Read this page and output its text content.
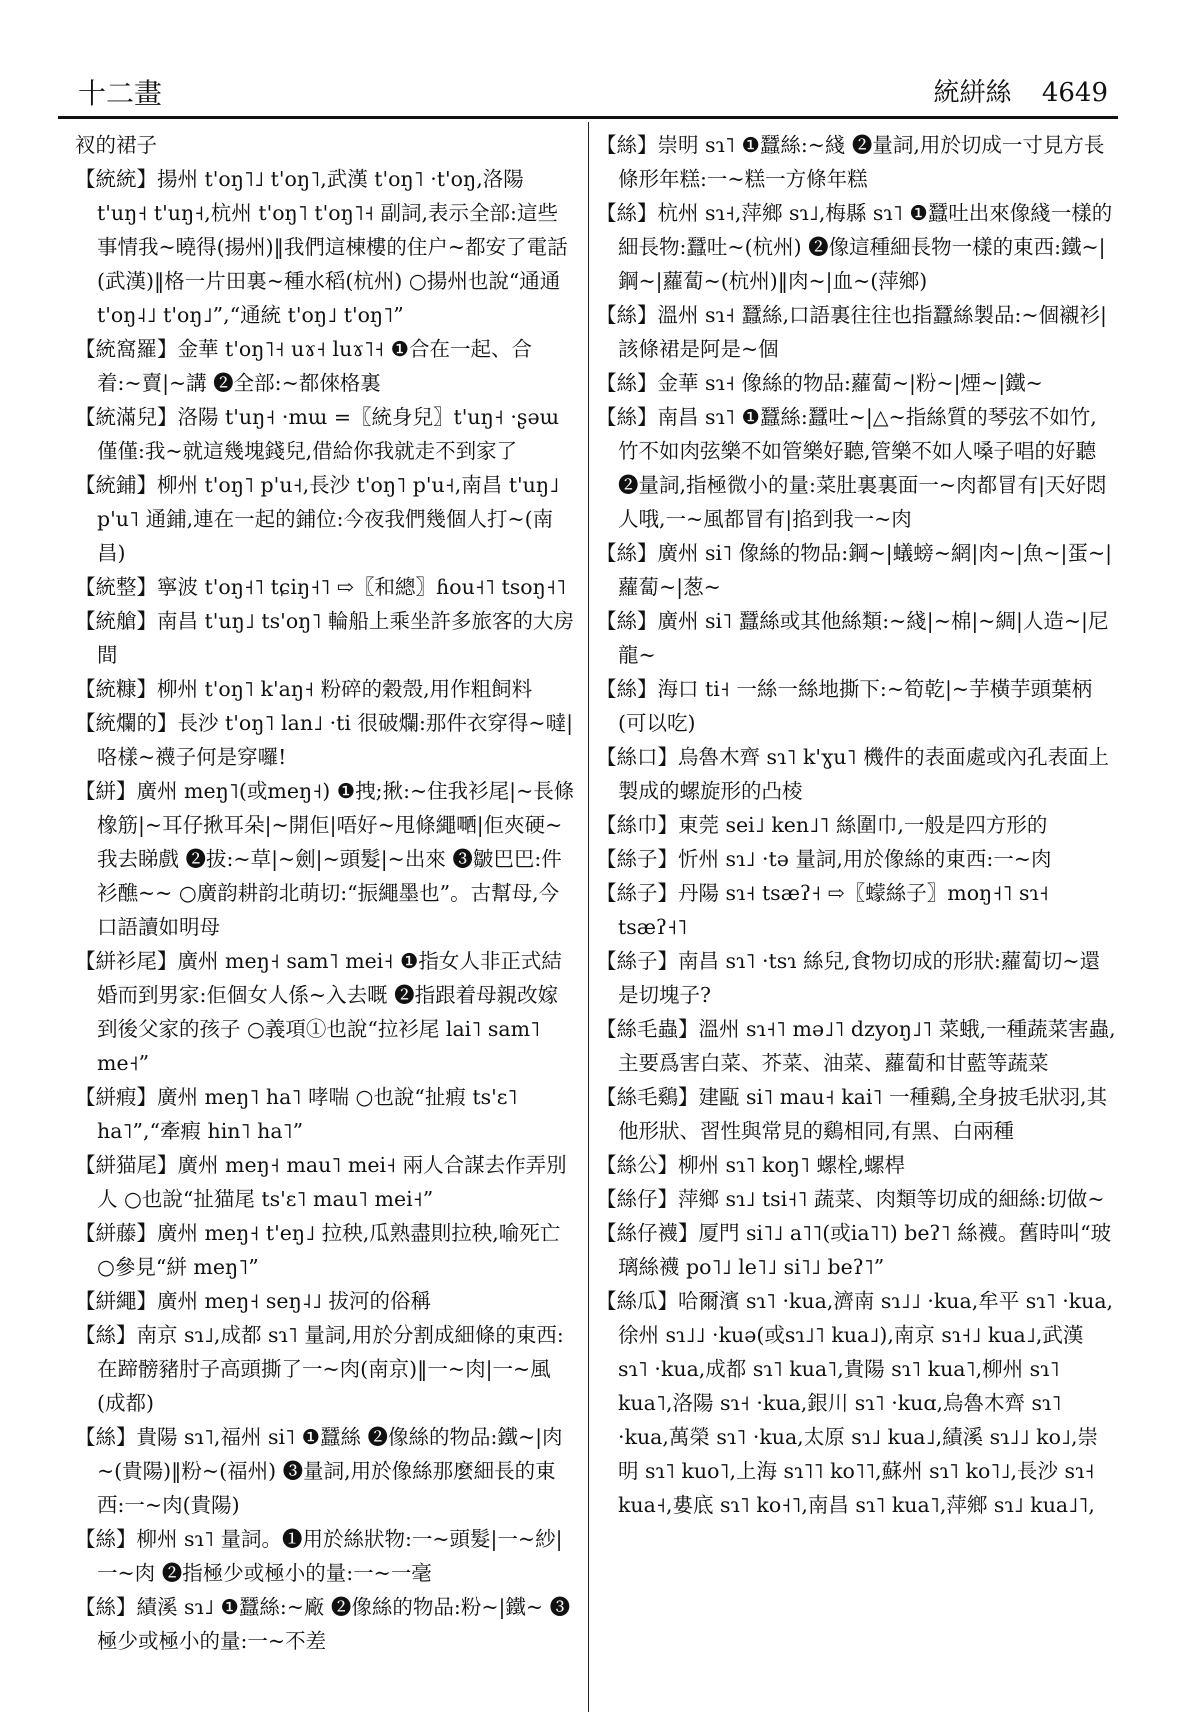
十二畫	統絣絲 4649

衩的裙子

【統統】揚州 t'oŋ˥˩ t'oŋ˥,武漢 t'oŋ˥ ·t'oŋ,洛陽 t'uŋ˧ t'uŋ˧,杭州 t'oŋ˥ t'oŋ˥˧ 副詞,表示全部:這些事情我~曉得(揚州)‖我們這棟樓的住户~都安了電話(武漢)‖格一片田裏~種水稻(杭州) ○揚州也說“通通 t'oŋ˨˩ t'oŋ˩”,“通統 t'oŋ˩ t'oŋ˥”

【統窩羅】金華 t'oŋ˥˧ uɤ˧ luɤ˥˧ ❶合在一起、合着:~賣|~講 ❷全部:~都倈格裏

【統滿兒】洛陽 t'uŋ˧ ·mɯ =〖統身兒〗t'uŋ˧ ·ʂəɯ 僅僅:我~就這幾塊錢兒,借給你我就走不到家了

【統鋪】柳州 t'oŋ˥ p'u˧,長沙 t'oŋ˥ p'u˧,南昌 t'uŋ˩ p'u˥ 通鋪,連在一起的鋪位:今夜我們幾個人打~(南昌)

【統整】寧波 t'oŋ˧˥ tɕiŋ˧˥ ⇨〖和總〗ɦou˧˥ tsoŋ˧˥

【統艙】南昌 t'uŋ˩ ts'oŋ˥ 輪船上乘坐許多旅客的大房間

【統糠】柳州 t'oŋ˥ k'aŋ˧ 粉碎的穀殼,用作粗飼料

【統爛的】長沙 t'oŋ˥ lan˩ ·ti 很破爛:那件衣穿得~噠|咯樣~襪子何是穿囉!

【絣】廣州 meŋ˥(或meŋ˧) ❶拽;揪:~住我衫尾|~長條橡筋|~耳仔揪耳朵|~開佢|唔好~甩條繩嗮|佢夾硬~我去睇戲 ❷拔:~草|~劍|~頭髮|~出來 ❸皺巴巴:件衫醮~~ ○廣韵耕韵北萌切:“振繩墨也”。古幫母,今口語讀如明母

【絣衫尾】廣州 meŋ˧ sam˥ mei˧ ❶指女人非正式結婚而到男家:佢個女人係~入去嘅 ❷指跟着母親改嫁到後父家的孩子 ○義項①也說“拉衫尾 lai˥ sam˥ me˧”

【絣瘕】廣州 meŋ˥ ha˥ 哮喘 ○也說“扯瘕 ts'ɛ˥ ha˥”,“牽瘕 hin˥ ha˥”

【絣猫尾】廣州 meŋ˧ mau˥ mei˧ 兩人合謀去作弄別人 ○也說“扯猫尾 ts'ɛ˥ mau˥ mei˧”

【絣藤】廣州 meŋ˧ t'eŋ˩ 拉秧,瓜熟盡則拉秧,喻死亡 ○參見“絣 meŋ˥”

【絣繩】廣州 meŋ˧ seŋ˨˩ 拔河的俗稱

【絲】南京 sɿ˩,成都 sɿ˥ 量詞,用於分割成細條的東西:在蹄髈豬肘子高頭撕了一~肉(南京)‖一~肉|一~風(成都)

【絲】貴陽 sɿ˥,福州 si˥ ❶蠶絲 ❷像絲的物品:鐵~|肉~(貴陽)‖粉~(福州) ❸量詞,用於像絲那麼細長的東西:一~肉(貴陽)

【絲】柳州 sɿ˥ 量詞。❶用於絲狀物:一~頭髮|一~紗|一~肉 ❷指極少或極小的量:一~一毫

【絲】績溪 sɿ˩ ❶蠶絲:~廠 ❷像絲的物品:粉~|鐵~ ❸極少或極小的量:一~不差

【絲】崇明 sɿ˥ ❶蠶絲:~綫 ❷量詞,用於切成一寸見方長條形年糕:一~糕一方條年糕

【絲】杭州 sɿ˧,萍鄉 sɿ˩,梅縣 sɿ˥ ❶蠶吐出來像綫一樣的細長物:蠶吐~(杭州) ❷像這種細長物一樣的東西:鐵~|鋼~|蘿蔔~(杭州)‖肉~|血~(萍鄉)

【絲】溫州 sɿ˧ 蠶絲,口語裏往往也指蠶絲製品:~個襯衫|該條裙是阿是~個

【絲】金華 sɿ˧ 像絲的物品:蘿蔔~|粉~|煙~|鐵~

【絲】南昌 sɿ˥ ❶蠶絲:蠶吐~|△~指絲質的琴弦不如竹,竹不如肉弦樂不如管樂好聽,管樂不如人嗓子唱的好聽 ❷量詞,指極微小的量:菜肚裏裏面一~肉都冒有|天好悶人哦,一~風都冒有|掐到我一~肉

【絲】廣州 si˥ 像絲的物品:鋼~|蟻螃~網|肉~|魚~|蛋~|蘿蔔~|葱~

【絲】廣州 si˥ 蠶絲或其他絲類:~綫|~棉|~綢|人造~|尼龍~

【絲】海口 ti˧ 一絲一絲地撕下:~筍乾|~芋橫芋頭葉柄(可以吃)

【絲口】烏魯木齊 sɿ˥ k'ɣu˥ 機件的表面處或內孔表面上製成的螺旋形的凸棱

【絲巾】東莞 sei˩ ken˩˥ 絲圍巾,一般是四方形的

【絲子】忻州 sɿ˩ ·tə 量詞,用於像絲的東西:一~肉

【絲子】丹陽 sɿ˧ tsæʔ˧ ⇨〖蠓絲子〗moŋ˧˥ sɿ˧ tsæʔ˧˥

【絲子】南昌 sɿ˥ ·tsɿ 絲兒,食物切成的形狀:蘿蔔切~還是切塊子?

【絲毛蟲】溫州 sɿ˧˥ mə˩˥ dzyoŋ˩˥ 菜蛾,一種蔬菜害蟲,主要爲害白菜、芥菜、油菜、蘿蔔和甘藍等蔬菜

【絲毛鷄】建甌 si˥ mau˧ kai˥ 一種鷄,全身披毛狀羽,其他形狀、習性與常見的鷄相同,有黑、白兩種

【絲公】柳州 sɿ˥ koŋ˥ 螺栓,螺桿

【絲仔】萍鄉 sɿ˩ tsi˧˥ 蔬菜、肉類等切成的細絲:切做~

【絲仔襪】厦門 si˥˩ a˥˥(或ia˥˥) beʔ˥ 絲襪。舊時叫“玻璃絲襪 po˥˩ le˥˩ si˥˩ beʔ˥”

【絲瓜】哈爾濱 sɿ˥ ·kua,濟南 sɿ˩˩ ·kua,牟平 sɿ˥ ·kua,徐州 sɿ˩˩ ·kuə(或sɿ˩˥ kua˩),南京 sɿ˧˩ kua˩,武漢 sɿ˥ ·kua,成都 sɿ˥ kua˥,貴陽 sɿ˥ kua˥,柳州 sɿ˥ kua˥,洛陽 sɿ˧ ·kua,銀川 sɿ˥ ·kuɑ,烏魯木齊 sɿ˥ ·kua,萬榮 sɿ˥ ·kua,太原 sɿ˩ kua˩,績溪 sɿ˩˩ ko˩,崇明 sɿ˥ kuo˥,上海 sɿ˥˥ ko˥˥,蘇州 sɿ˥ ko˥˩,長沙 sɿ˧ kua˧,婁底 sɿ˥ ko˧˥,南昌 sɿ˥ kua˥,萍鄉 sɿ˩ kua˩˥,
